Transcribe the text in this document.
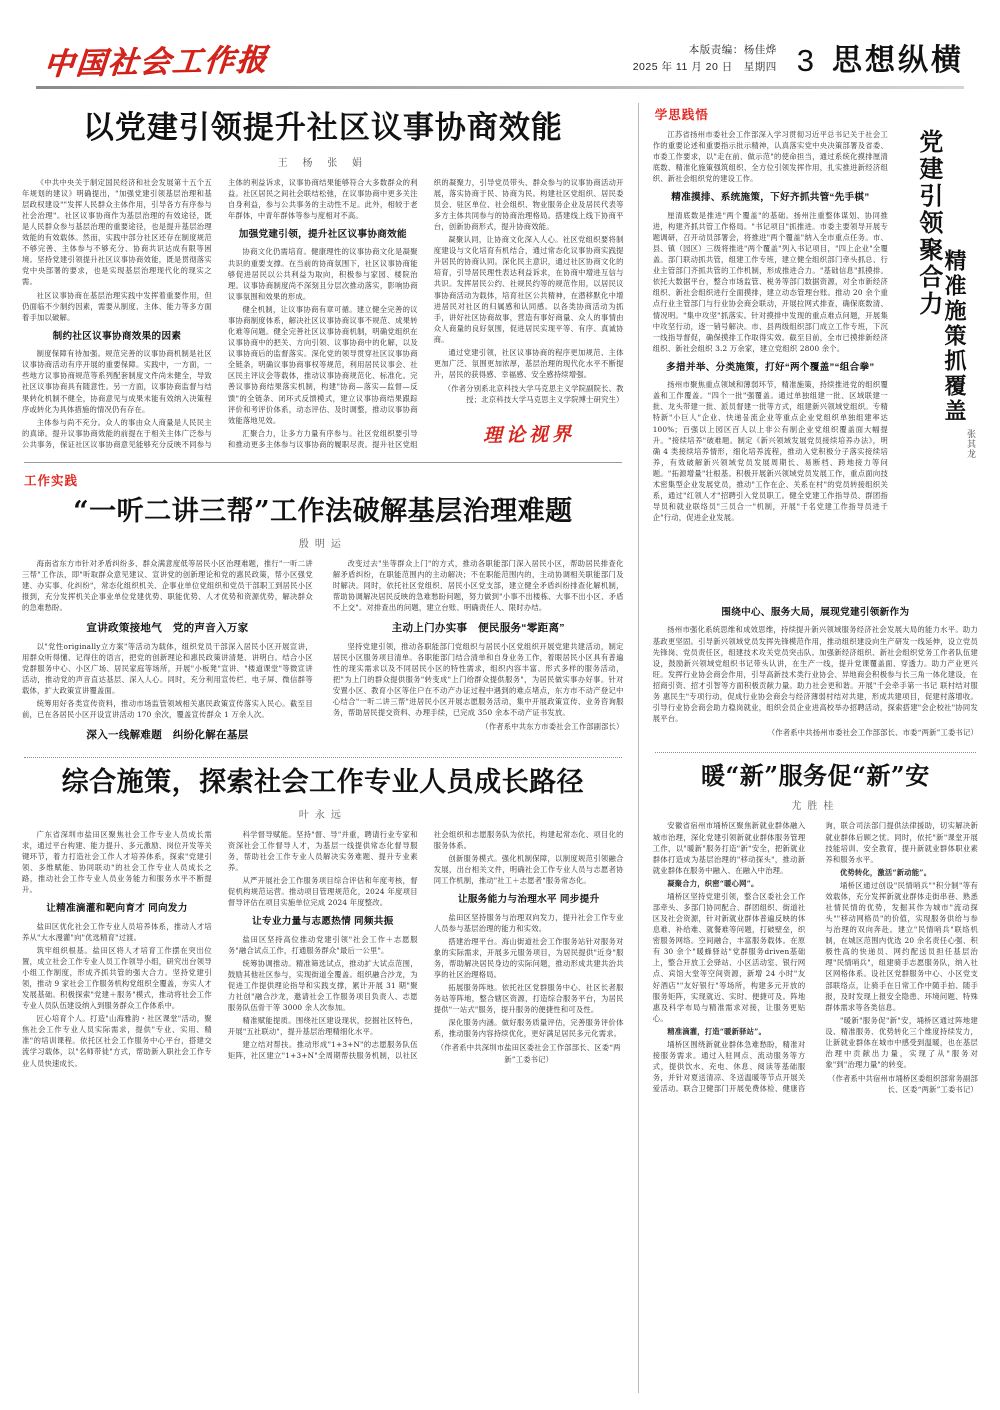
中国社会工作报	本版责编：杨佳烨
2025 年 11 月 20 日　星期四 3 思想纵横
以党建引领提升社区议事协商效能
王 杨 张 娟

《中共中央关于制定国民经济和社会发展第十五个五年规划的建议》明确提出，"加强党建引领基层治理和基层政权建设""发挥人民群众主体作用，引导各方有序参与社会治理"。社区议事协商作为基层治理的有效途径，既是人民群众参与基层治理的重要途径，也是提升基层治理效能的有效载体。然而，实践中部分社区还存在制度规范不够完善、主体参与不够充分、协商共识达成有限等困境。坚持党建引领提升社区议事协商效能，既是贯彻落实党中央部署的要求，也是实现基层治理现代化的现实之需。

社区议事协商在基层治理实践中发挥着重要作用，但仍面临不少制约因素，需要从制度、主体、能力等多方面着手加以破解。

制约社区议事协商效果的因素

制度保障有待加强。规范完善的议事协商机制是社区议事协商活动有序开展的重要保障。实践中，一方面，一些地方议事协商规范等系列配套制度文件尚未健全，导致社区议事协商具有随意性。另一方面，议事协商监督与结果转化机制不健全，协商意见与成果未能有效纳入决策程序或转化为具体措施的情况仍有存在。

主体参与尚不充分。众人的事由众人商量是人民民主的真谛。提升议事协商效能的前提在于相关主体广泛参与公共事务，保证社区议事协商意见能够充分反映不同参与主体的利益诉求，议事协商结果能够符合大多数群众的利益。社区居民之间社会联结松弛，在议事协商中更多关注自身利益，参与公共事务的主动性不足。此外，相较于老年群体，中青年群体等参与度相对不高。

加强党建引领，提升社区议事协商效能

协商文化仍需培育。健康理性的议事协商文化是凝聚共识的重要支撑。在当前的协商氛围下，社区议事协商能够促进居民以公共利益为取向，积极参与家园、楼院治理。议事协商制度尚不深刻且分层次推动落实，影响协商议事氛围和效果的形成。

健全机制，让议事协商有章可循。建立健全完善的议事协商制度体系，解决社区议事协商议事不规范、成果转化难等问题。健全完善社区议事协商机制，明确党组织在议事协商中的把关、方向引领、议事协商中的化解，以及议事协商后的监督落实。深化党的领导贯穿社区议事协商全链条，明确议事协商事权等规范，利用居民议事会、社区民主评议会等载体，推动议事协商规范化、标准化。完善议事协商结果落实机制，构建"协商—落实—监督—反馈"的全链条、闭环式反馈模式，建立议事协商结果跟踪评价和考评价体系，动态评估、及时调整，推动议事协商效能落地见效。

汇聚合力，让多方力量有序参与。社区党组织要引导和推动更多主体参与议事协商的履职尽责。提升社区党组织的凝聚力，引导党员带头、群众参与的议事协商活动开展，落实协商于民、协商为民。构建社区党组织、居民委员会、驻区单位、社会组织、物业服务企业及居民代表等多方主体共同参与的协商治理格局。搭建线上线下协商平台，创新协商形式，提升协商效能。

凝聚认同，让协商文化深入人心。社区党组织要将制度建设与文化培育有机结合，通过常态化议事协商实践提升居民的协商认同。深化民主意识，通过社区协商文化的培育，引导居民理性表达利益诉求，在协商中增进互信与共识。发挥居民公约、社规民约等的规范作用，以居民议事协商活动为载体，培育社区公共精神，在潜移默化中增进居民对社区的归属感和认同感。以各类协商活动为抓手，讲好社区协商故事，营造有事好商量、众人的事情由众人商量的良好氛围，促进居民实现平等、有序、真诚协商。

通过党建引领，社区议事协商的程序更加规范、主体更加广泛、氛围更加浓厚，基层治理的现代化水平不断提升，居民的获得感、幸福感、安全感持续增强。

（作者分别系北京科技大学马克思主义学院副院长、教授；北京科技大学马克思主义学院博士研究生）

理论视界
工作实践
“一听二讲三帮”工作法破解基层治理难题
殷明运

海南省东方市针对矛盾纠纷多、群众满意度低等居民小区治理难题，推行"一听二讲三帮"工作法，即"听取群众意见建议、宣讲党的创新理论和党的惠民政策，帮小区强党建、办实事、化纠纷"，常态化组织机关、企事业单位党组织和党员干部职工到居民小区报到，充分发挥机关企事业单位党建优势、职能优势、人才优势和资源优势，解决群众的急难愁盼。

宣讲政策接地气　党的声音入万家

以"党性originally立方案"等活动为载体，组织党员干部深入居民小区开展宣讲，用群众听得懂、记得住的语言，把党的创新理论和惠民政策讲清楚、讲明白。结合小区党群服务中心、小区广场、居民家庭等场所，开展"小板凳"宣讲、"楼道课堂"等微宣讲活动，推动党的声音直达基层、深入人心。同时，充分利用宣传栏、电子屏、微信群等载体，扩大政策宣讲覆盖面。

统筹用好各类宣传资料，推动市场监管领域相关惠民政策宣传落实入民心。截至目前，已在各居民小区开设宣讲活动 170 余次，覆盖宣传群众 1 万余人次。

深入一线解难题　纠纷化解在基层

改变过去"坐等群众上门"的方式，推动各职能部门深入居民小区，帮助居民排查化解矛盾纠纷，在职能范围内的主动解决；不在职能范围内的，主动协调相关职能部门及时解决。同时，依托社区党组织、居民小区党支部，建立健全矛盾纠纷排查化解机制，帮助协调解决居民反映的急难愁盼问题，努力做到"小事不出楼栋、大事不出小区、矛盾不上交"。对排查出的问题，建立台账、明确责任人、限时办结。

主动上门办实事　便民服务“零距离”

坚持党建引领，推动各职能部门党组织与居民小区党组织开展党建共建活动，制定居民小区服务项目清单。各职能部门结合清单和自身业务工作，着眼居民小区具有普遍性的现实需求以及不同居民小区的特性需求，组织内容丰富、形式多样的服务活动，把"为上门的群众提供服务"转变成"上门给群众提供服务"，为居民做实事办好事。针对安置小区、教育小区等住户在不动产办证过程中遇到的难点堵点，东方市不动产登记中心结合"一听二讲三帮"进居民小区开展志愿服务活动，集中开展政策宣传、业务咨询服务，帮助居民提交资料、办理手续，已完成 350 余本不动产证书发放。

（作者系中共东方市委社会工作部副部长）

综合施策，探索社会工作专业人员成长路径
叶永远

广东省深圳市盐田区聚焦社会工作专业人员成长需求，通过平台构建、能力提升、多元激励、岗位开发等关键环节，着力打造社会工作人才培养体系，探索"党建引领、多维赋能、协同联动"的社会工作专业人员成长之路，推动社会工作专业人员业务能力和服务水平不断提升。

让精准滴灌和靶向育才 同向发力

盐田区优化社会工作专业人员培养体系，推动人才培养从"大水漫灌"向"优选精育"过渡。

筑牢组织根基。盐田区将人才培育工作摆在突出位置，成立社会工作专业人员工作领导小组，研究出台领导小组工作制度，形成齐抓共管的强大合力。坚持党建引领，推动 9 家社会工作服务机构党组织全覆盖，夯实人才发展基础。积极探索"党建＋服务"模式，推动将社会工作专业人员队伍建设纳入到服务群众工作体系中。

匠心培育个人。打造"山海雅韵・社区课堂"活动，聚焦社会工作专业人员实际需求，提供"专业、实用、精准"的培训课程。依托区社会工作服务中心平台，搭建交流学习载体，以"名师带徒"方式，帮助新入职社会工作专业人员快速成长。

科学督导赋能。坚持"督、导"并重，聘请行业专家和资深社会工作督导人才，为基层一线提供常态化督导服务，帮助社会工作专业人员解决实务难题、提升专业素养。

从严开展社会工作服务项目综合评估和年度考核，督促机构规范运营。推动项目管理规范化，2024 年度项目督导评估在项目实施单位完成 2024 年度整改。

让专业力量与志愿热情 同频共振

盐田区坚持高位推动党建引领"社会工作＋志愿服务"融合试点工作，打通服务群众"最后一公里"。

统筹协调推动。精准筛选试点，推动扩大试点范围，鼓励其他社区参与，实现街道全覆盖。组织融合沙龙，为促进工作提供理论指导和实践支撑，累计开展 31 期"聚力社创"融合沙龙，邀请社会工作服务项目负责人、志愿服务队伍骨干等 3000 余人次参加。

精准赋能提质。围绕社区建设现状，挖掘社区特色，开展"五社联动"，提升基层治理精细化水平。

建立结对帮扶。推动形成"1+3+N"的志愿服务队伍矩阵，社区建立"1+3+N"全周期帮扶服务机制，以社区社会组织和志愿服务队为依托，构建起常态化、项目化的服务体系。

创新服务模式。强化机制保障，以制度规范引领融合发展，出台相关文件，明确社会工作专业人员与志愿者协同工作机制，推动"社工＋志愿者"服务常态化。

让服务能力与治理水平 同步提升

盐田区坚持服务与治理双向发力，提升社会工作专业人员参与基层治理的能力和实效。

搭建治理平台。海山街道社会工作服务站针对服务对象的实际需求，开展多元服务项目，为居民提供"近身"服务，帮助解决居民身边的实际问题，推动形成共建共治共享的社区治理格局。

拓展服务阵地。依托社区党群服务中心、社区长者服务站等阵地，整合辖区资源，打造综合服务平台，为居民提供"一站式"服务，提升服务的便捷性和可及性。

深化服务内涵。做好服务质量评估，完善服务评价体系，推动服务内容持续优化，更好满足居民多元化需求。

（作者系中共深圳市盐田区委社会工作部部长、区委“两新”工委书记）

学思践悟
党建引领聚合力
精准施策抓覆盖
张其龙

江苏省扬州市委社会工作部深入学习贯彻习近平总书记关于社会工作的重要论述和重要指示批示精神，认真落实党中央决策部署及省委、市委工作要求，以"走在前、做示范"的使命担当，通过系统化摸排厘清底数、精准化施策强筑组织、全方位引领发挥作用，扎实推进新经济组织、新社会组织党的建设工作。

精准摸排、系统施策，下好齐抓共管“先手棋”

厘清底数是推进"两个覆盖"的基础。扬州注重整体谋划、协同推进，构建齐抓共管工作格局。"书记项目"抓推进。市委主要领导开展专题调研，召开动员部署会，将推进"两个覆盖"纳入全市重点任务。市、县、镇（园区）三级将推进"两个覆盖"列入书记项目，"四上企业"全覆盖。部门联动抓共管，组建工作专班，建立健全组织部门牵头抓总、行业主管部门齐抓共管的工作机制，形成推进合力。"基础信息"抓摸排。依托大数据平台，整合市场监管、税务等部门数据资源，对全市新经济组织、新社会组织进行全面摸排，建立动态管理台账。推动 20 余个重点行业主管部门与行业协会商会联动，开展拉网式排查，确保底数清、情况明。"集中攻坚"抓落实。针对摸排中发现的重点难点问题，开展集中攻坚行动，逐一销号解决。市、县两级组织部门成立工作专班，下沉一线指导督促，确保摸排工作取得实效。截至目前，全市已摸排新经济组织、新社会组织 3.2 万余家，建立党组织 2800 余个。

多措并举、分类施策，打好“两个覆盖”“组合拳”

扬州市聚焦重点领域和薄弱环节，精准施策，持续推进党的组织覆盖和工作覆盖。"四个一批"强覆盖。通过单独组建一批、区域联建一批、龙头带建一批、派员督建一批等方式，组建新兴领域党组织。专精特新"小巨人"企业、快递물流企业等重点企业党组织单独组建率达 100%；百强以上园区百人以上非公有制企业党组织覆盖面大幅提升。"接续培养"破难题。制定《新兴领域发展党员接续培养办法》，明确 4 类接续培养情形，细化培养流程，推动入党积极分子落实接续培养，有效破解新兴领域党员发展周期长、易断档、跨地接力等问题。"拓源增量"壮根基。积极开展新兴领域党员发展工作，重点面向技术密集型企业发展党员，推动"工作在企、关系在村"的党员转接组织关系，通过"红领人才"招聘引入党员职工。健全党建工作指导员、群团指导员和就业联络员"三员合一"机制，开展"千名党建工作指导员进千企"行动，促进企业发展。

围绕中心、服务大局，展现党建引领新作为

扬州市强化系统思维和成效思维，持续提升新兴领域服务经济社会发展大局的能力水平。助力基政更坚固。引导新兴领域党员发挥先锋模范作用，推动组织建设向生产研发一线延伸，设立党员先锋岗、党员责任区，组建技术攻关党员突击队。加强新经济组织、新社会组织党务工作者队伍建设，鼓励新兴领域党组织书记带头认讲，在生产一线，提升党课覆盖面、穿透力。助力产业更兴旺。发挥行业协会商会作用，引导高新技术类行业协会、异地商会积极参与长三角一体化建设，在招商引资、招才引智等方面积极贡献力量。助力社会更和谐。开展"千会牵手第一书记 联村结对服务 惠民生"专项行动，促成行业协会商会与经济薄弱村结对共建，形成共建项目，促建村落增收。引导行业协会商会助力稳岗就业，组织会员企业进高校举办招聘活动，探索搭建"会企校社"协同发展平台。

（作者系中共扬州市委社会工作部部长、市委“两新”工委书记）

暖“新”服务促“新”安
尤胜桂

安徽省宿州市埇桥区聚焦新就业群体融入城市治理，深化党建引领新就业群体服务管理工作，以"暖新"服务打造"新"安全，把新就业群体打造成为基层治理的"移动探头"，推动新就业群体在服务中融入、在融入中治理。

凝聚合力，织密“暖心网”。

埇桥区坚持党建引领，整合区委社会工作部牵头、多部门协同配合、群团组织、街道社区及社会资源，针对新就业群体普遍反映的休息难、补给难、就餐难等问题，打破壁垒，织密服务网络。空间融合，丰富服务载体。在原有 30 余个"暖蜂驿站"党群服务driven基础上，整合开放工会驿站、小区活动室、银行网点、宾馆大堂等空间资源，新增 24 小时"友好酒店""友好银行"等场所，构建多元开放的服务矩阵，实现就近、实时、便捷可及。阵地惠及科学布局与精准需求对接，让服务更贴心。

精准滴灌，打造“暖新驿站”。

埇桥区围绕新就业群体急难愁盼，精准对接服务需求。通过入驻网点、流动服务等方式，提供饮水、充电、休息、阅读等基础服务，并针对夏送清凉、冬送温暖等节点开展关爱活动。联合卫健部门开展免费体检、健康咨询，联合司法部门提供法律援助，切实解决新就业群体后顾之忧。同时，依托"新"课堂开展技能培训、安全教育，提升新就业群体职业素养和服务水平。

优势转化，激活“新动能”。

埇桥区通过创设"民情哨兵""积分制"等有效载体，充分发挥新就业群体走街串巷、熟悉社情民情的优势，发掘其作为城市"流动探头""移动网格员"的价值，实现服务供给与参与治理的双向奔赴。建立"民情哨兵"联络机制，在城区范围内优选 20 余名责任心强、积极性高的快递员、网约配送员担任基层治理"民情哨兵"，组建骑手志愿服务队，纳入社区网格体系。设社区党群服务中心、小区党支部联络点，让骑手在日常工作中随手拍、随手报，及时发现上报安全隐患、环境问题、特殊群体需求等各类信息。

"暖新"服务促"新"安，埇桥区通过阵地建设、精准服务、优势转化三个维度持续发力，让新就业群体在城市中感受到温暖，也在基层治理中贡献出力量，实现了从"服务对象"到"治理力量"的转变。

（作者系中共宿州市埇桥区委组织部常务副部长、区委“两新”工委书记）
